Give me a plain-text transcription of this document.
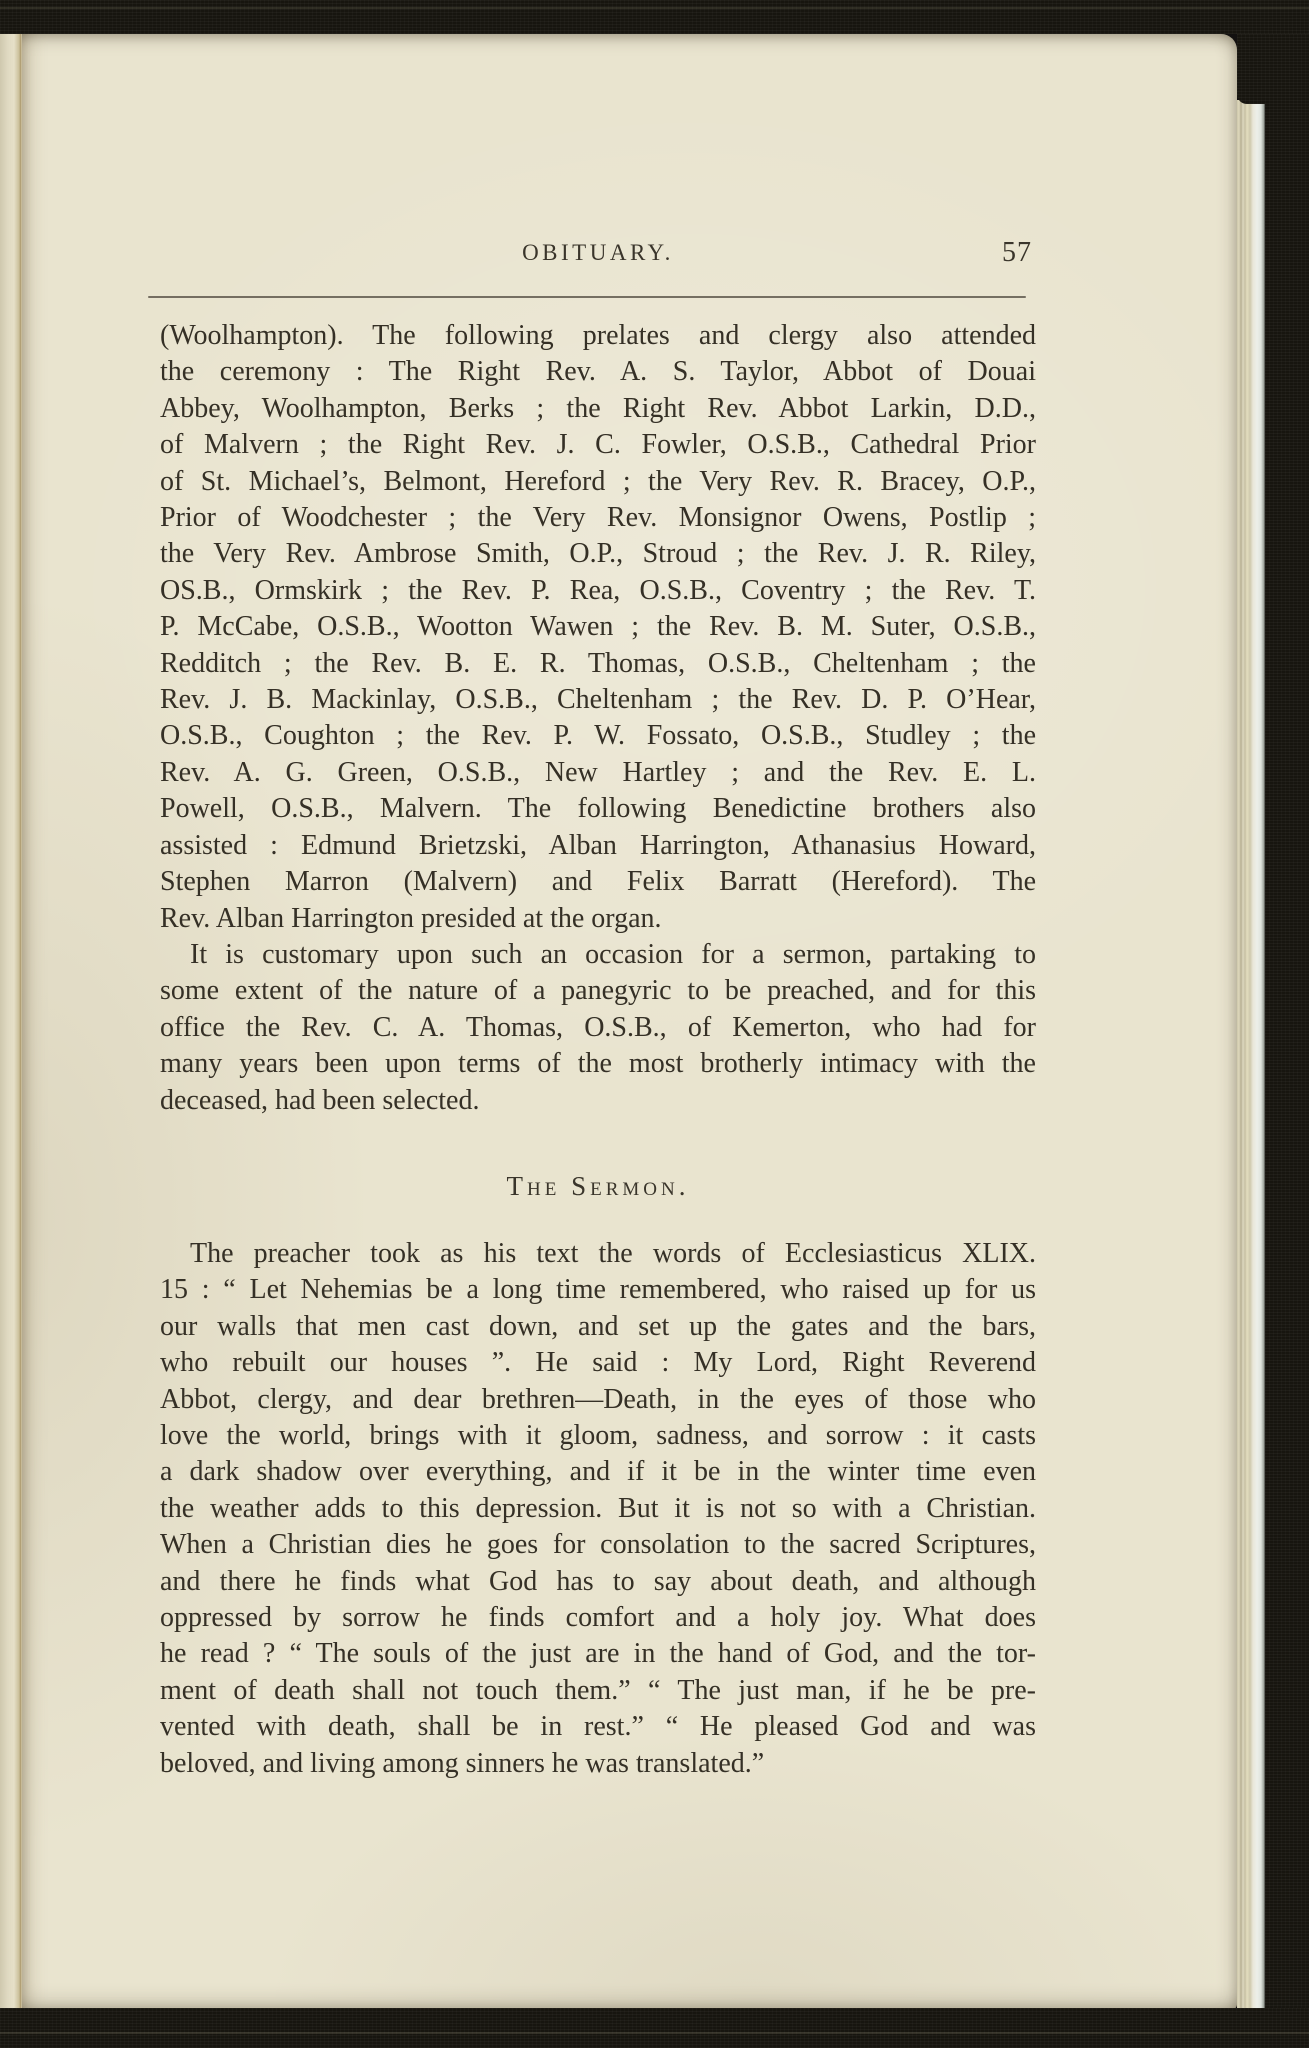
OBITUARY.	57
(Woolhampton). The following prelates and clergy also attended
the ceremony : The Right Rev. A. S. Taylor, Abbot of Douai
Abbey, Woolhampton, Berks ; the Right Rev. Abbot Larkin, D.D.,
of Malvern ; the Right Rev. J. C. Fowler, O.S.B., Cathedral Prior
of St. Michael’s, Belmont, Hereford ; the Very Rev. R. Bracey, O.P.,
Prior of Woodchester ; the Very Rev. Monsignor Owens, Postlip ;
the Very Rev. Ambrose Smith, O.P., Stroud ; the Rev. J. R. Riley,
OS.B., Ormskirk ; the Rev. P. Rea, O.S.B., Coventry ; the Rev. T.
P. McCabe, O.S.B., Wootton Wawen ; the Rev. B. M. Suter, O.S.B.,
Redditch ; the Rev. B. E. R. Thomas, O.S.B., Cheltenham ; the
Rev. J. B. Mackinlay, O.S.B., Cheltenham ; the Rev. D. P. O’Hear,
O.S.B., Coughton ; the Rev. P. W. Fossato, O.S.B., Studley ; the
Rev. A. G. Green, O.S.B., New Hartley ; and the Rev. E. L.
Powell, O.S.B., Malvern. The following Benedictine brothers also
assisted : Edmund Brietzski, Alban Harrington, Athanasius Howard,
Stephen Marron (Malvern) and Felix Barratt (Hereford). The
Rev. Alban Harrington presided at the organ.
It is customary upon such an occasion for a sermon, partaking to
some extent of the nature of a panegyric to be preached, and for this
office the Rev. C. A. Thomas, O.S.B., of Kemerton, who had for
many years been upon terms of the most brotherly intimacy with the
deceased, had been selected.
The Sermon.
The preacher took as his text the words of Ecclesiasticus XLIX.
15 : “ Let Nehemias be a long time remembered, who raised up for us
our walls that men cast down, and set up the gates and the bars,
who rebuilt our houses ”. He said : My Lord, Right Reverend
Abbot, clergy, and dear brethren—Death, in the eyes of those who
love the world, brings with it gloom, sadness, and sorrow : it casts
a dark shadow over everything, and if it be in the winter time even
the weather adds to this depression. But it is not so with a Christian.
When a Christian dies he goes for consolation to the sacred Scriptures,
and there he finds what God has to say about death, and although
oppressed by sorrow he finds comfort and a holy joy. What does
he read ? “ The souls of the just are in the hand of God, and the tor-
ment of death shall not touch them.” “ The just man, if he be pre-
vented with death, shall be in rest.” “ He pleased God and was
beloved, and living among sinners he was translated.”
